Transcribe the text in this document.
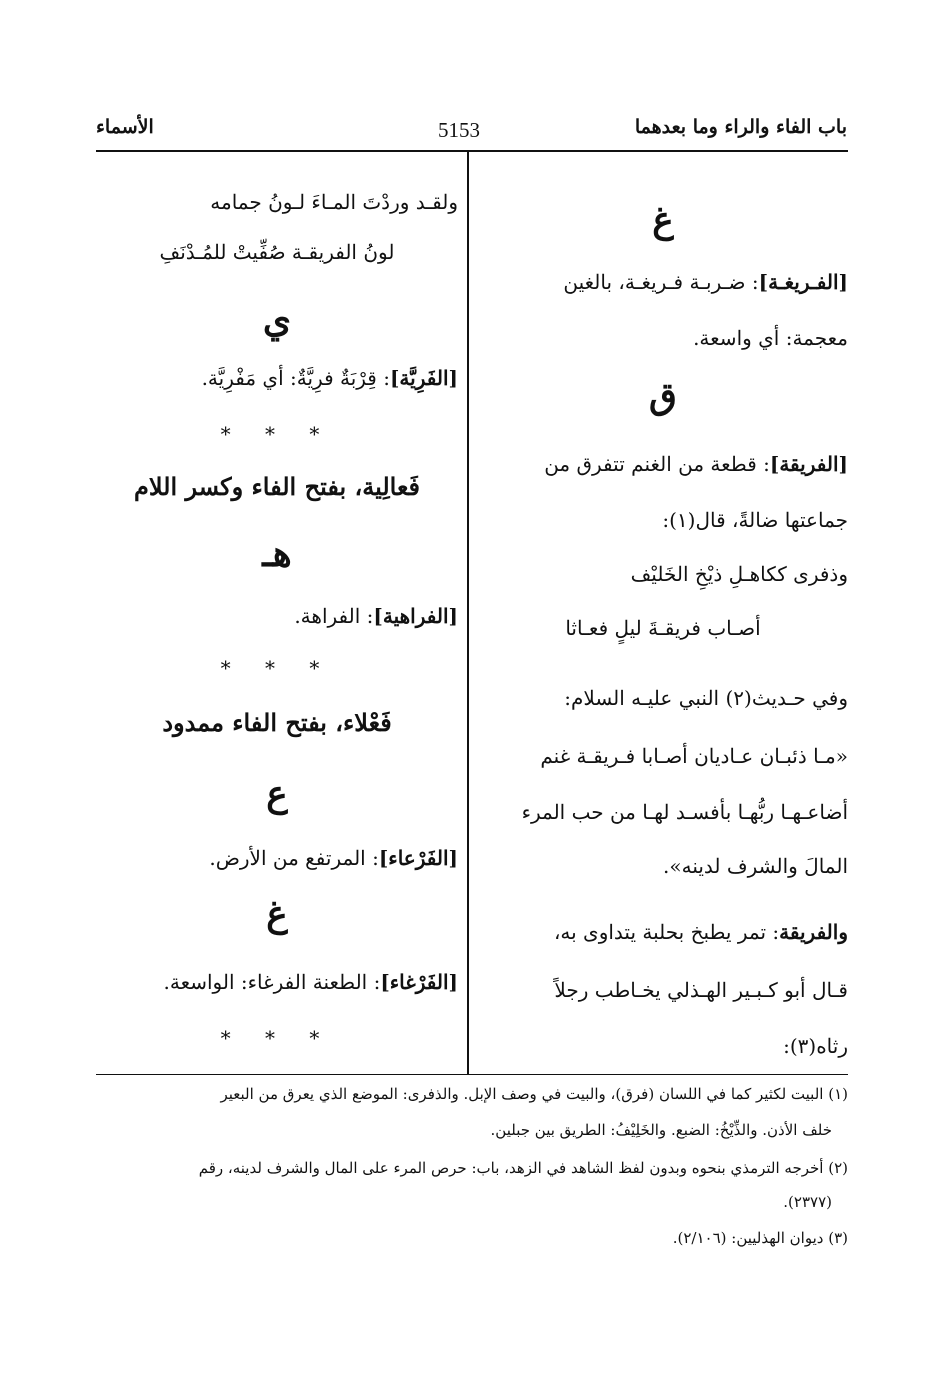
الأسماء	5153	باب الفاء والراء وما بعدهما
غ
[الفـريغـة]: ضـربـة فـريغـة، بالغين
معجمة: أي واسعة.
ق
[الفريقة]: قطعة من الغنم تتفرق من
جماعتها ضالةً، قال(١):
وذفرى ككاهـلِ ذيْخِ الخَليْف
أصـاب فريقـةَ ليلٍ فعـاثا
وفي حـديث(٢) النبي عليـه السلام:
«مـا ذئبـان عـاديان أصـابا فـريقـة غنم
أضاعـهـا ربُّهـا بأفسـد لهـا من حب المرء
المالَ والشرف لدينه».
والفريقة: تمر يطبخ بحلبة يتداوى به،
قـال أبو كـبـير الهـذلي يخـاطب رجلاً
رثاه(٣):
ولقـد وردْتَ المـاءَ لـونُ جمامه
لونُ الفريقـة صُفِّيتْ للمُـدْنَفِ
ي
[الفَرِيَّة]: قِرْبَةٌ فرِيَّةٌ: أي مَفْرِيَّة.
* * *
فَعالِية، بفتح الفاء وكسر اللام
هـ
[الفراهية]: الفراهة.
* * *
فَعْلاء، بفتح الفاء ممدود
ع
[الفَرْعاء]: المرتفع من الأرض.
غ
[الفَرْغاء]: الطعنة الفرغاء: الواسعة.
* * *
(١) البيت لكثير كما في اللسان (فرق)، والبيت في وصف الإبل. والذفرى: الموضع الذي يعرق من البعير
خلف الأذن. والذِّيْخُ: الضبع. والخَلِيْفُ: الطريق بين جبلين.
(٢) أخرجه الترمذي بنحوه وبدون لفظ الشاهد في الزهد، باب: حرص المرء على المال والشرف لدينه، رقم
(٢٣٧٧).
(٣) ديوان الهذليين: (٢/١٠٦).
